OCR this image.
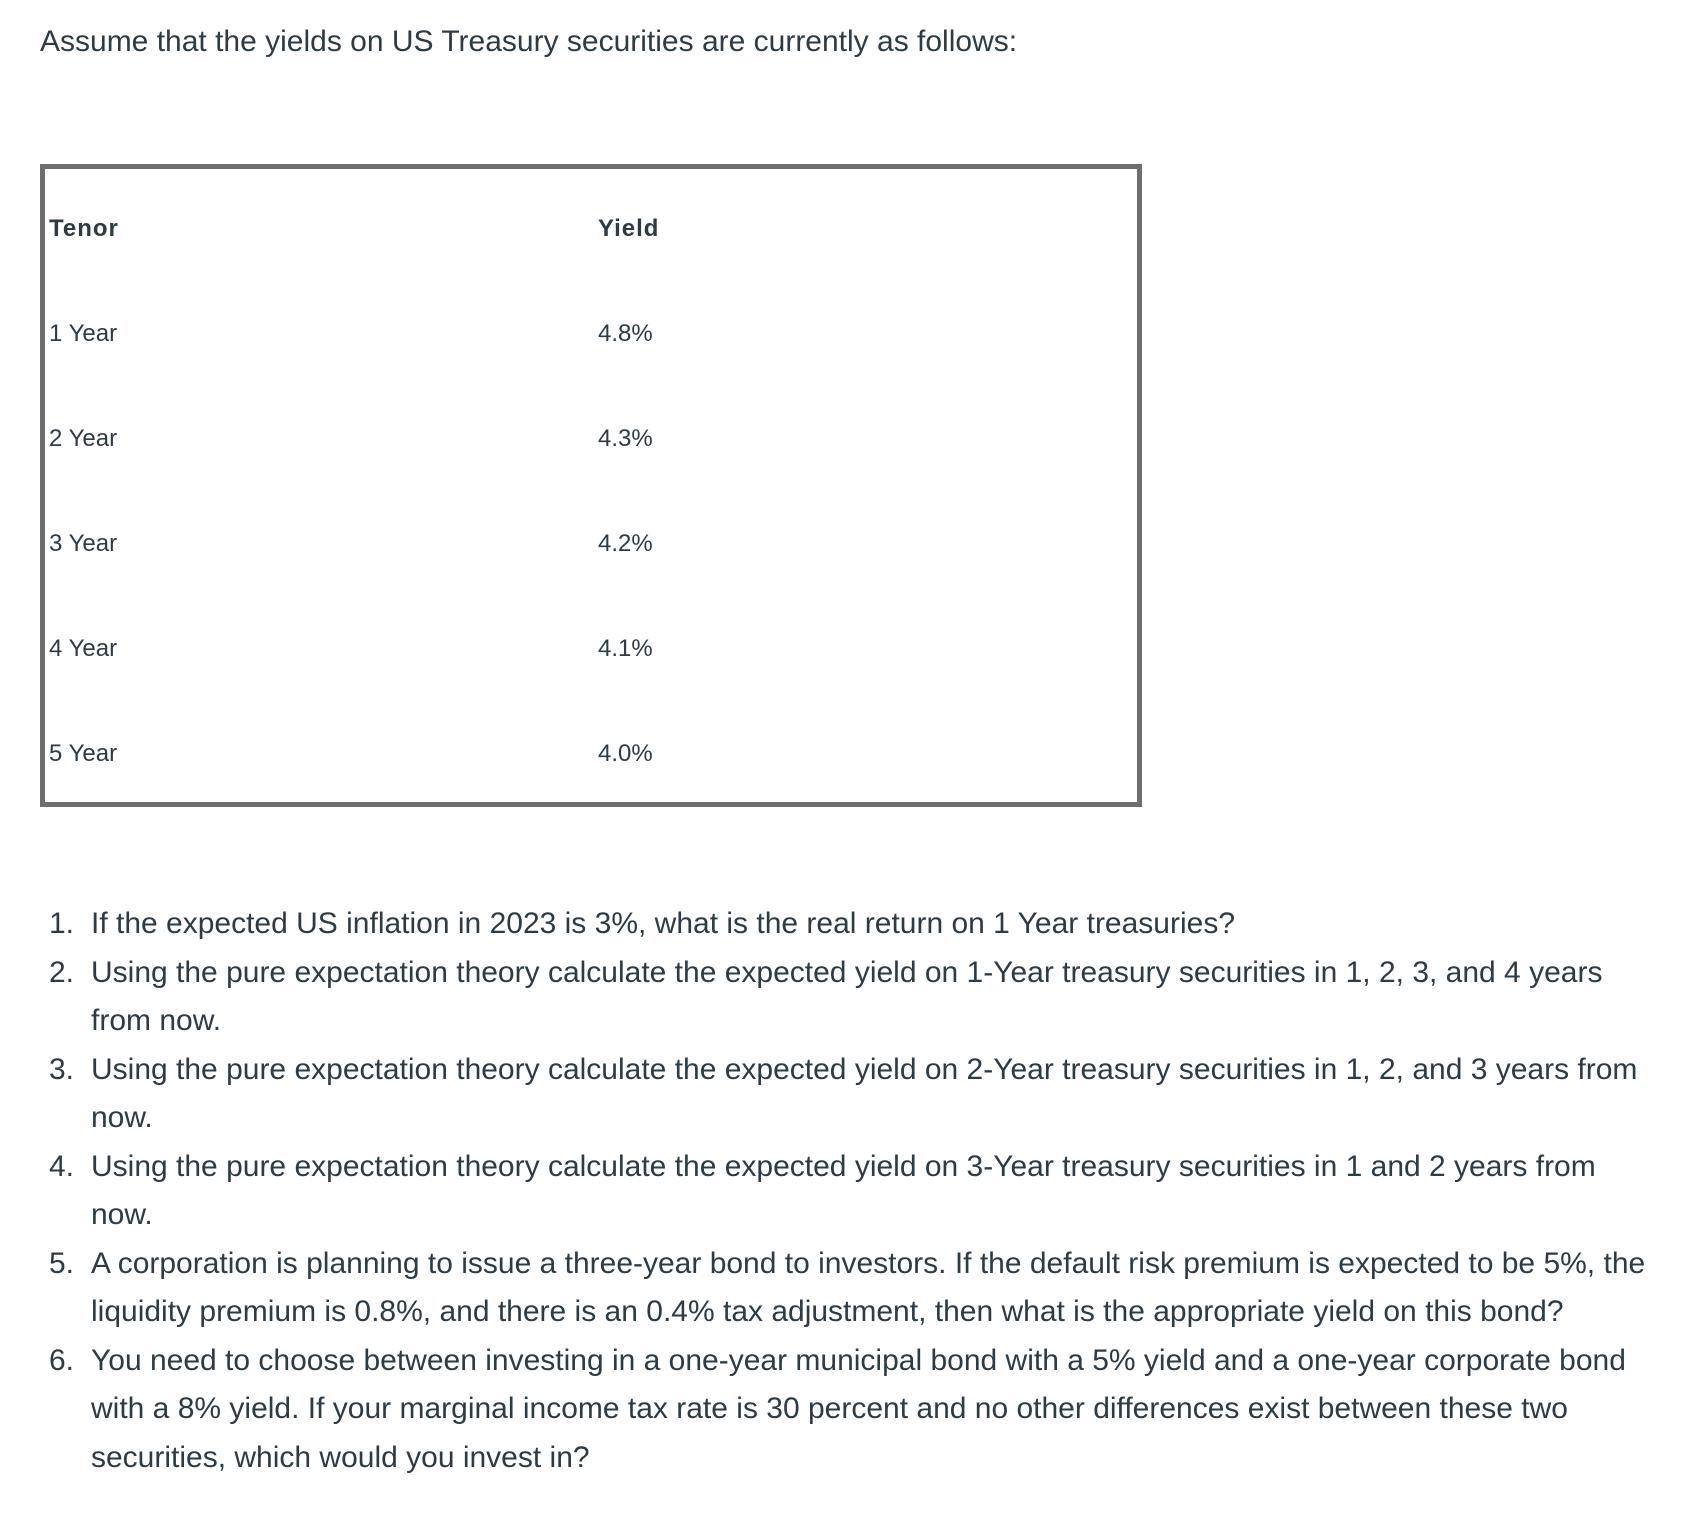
Assume that the yields on US Treasury securities are currently as follows:

Tenor	Yield
1 Year	4.8%
2 Year	4.3%
3 Year	4.2%
4 Year	4.1%
5 Year	4.0%
1. If the expected US inflation in 2023 is 3%, what is the real return on 1 Year treasuries?
2. Using the pure expectation theory calculate the expected yield on 1-Year treasury securities in 1, 2, 3, and 4 years from now.
3. Using the pure expectation theory calculate the expected yield on 2-Year treasury securities in 1, 2, and 3 years from now.
4. Using the pure expectation theory calculate the expected yield on 3-Year treasury securities in 1 and 2 years from now.
5. A corporation is planning to issue a three-year bond to investors. If the default risk premium is expected to be 5%, the liquidity premium is 0.8%, and there is an 0.4% tax adjustment, then what is the appropriate yield on this bond?
6. You need to choose between investing in a one-year municipal bond with a 5% yield and a one-year corporate bond with a 8% yield. If your marginal income tax rate is 30 percent and no other differences exist between these two securities, which would you invest in?
